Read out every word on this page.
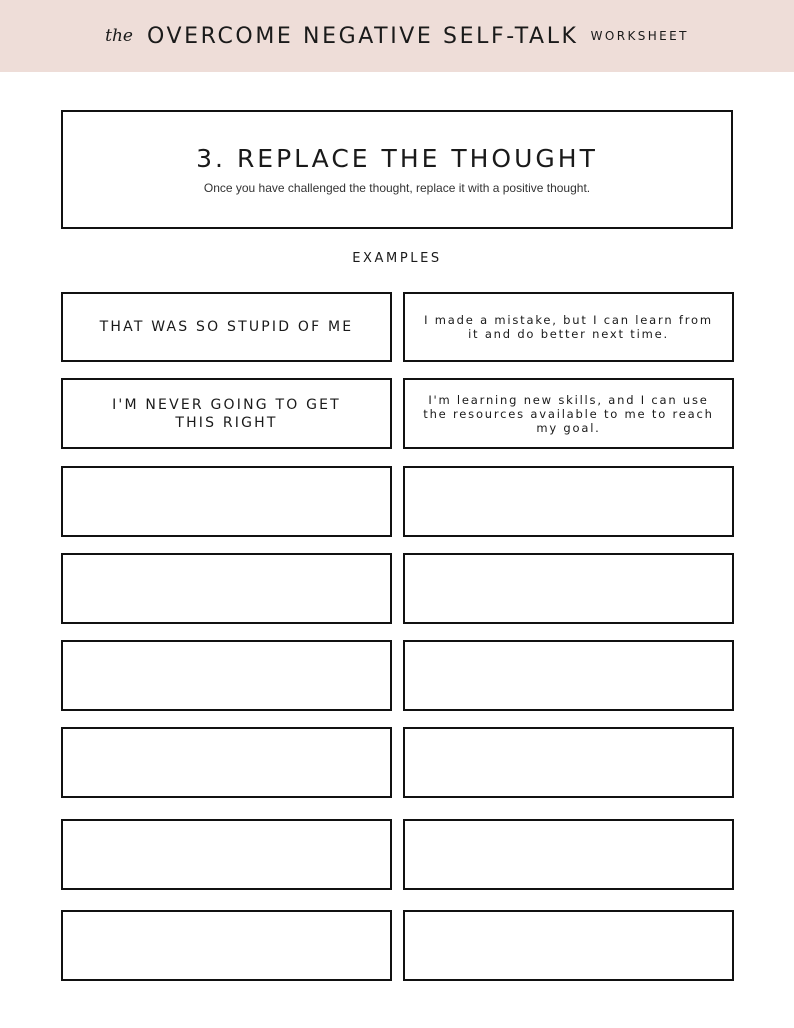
the OVERCOME NEGATIVE SELF-TALK WORKSHEET
3. REPLACE THE THOUGHT
Once you have challenged the thought, replace it with a positive thought.
EXAMPLES
THAT WAS SO STUPID OF ME	I made a mistake, but I can learn from it and do better next time.
I'M NEVER GOING TO GET THIS RIGHT
I'm learning new skills, and I can use the resources available to me to reach my goal.
